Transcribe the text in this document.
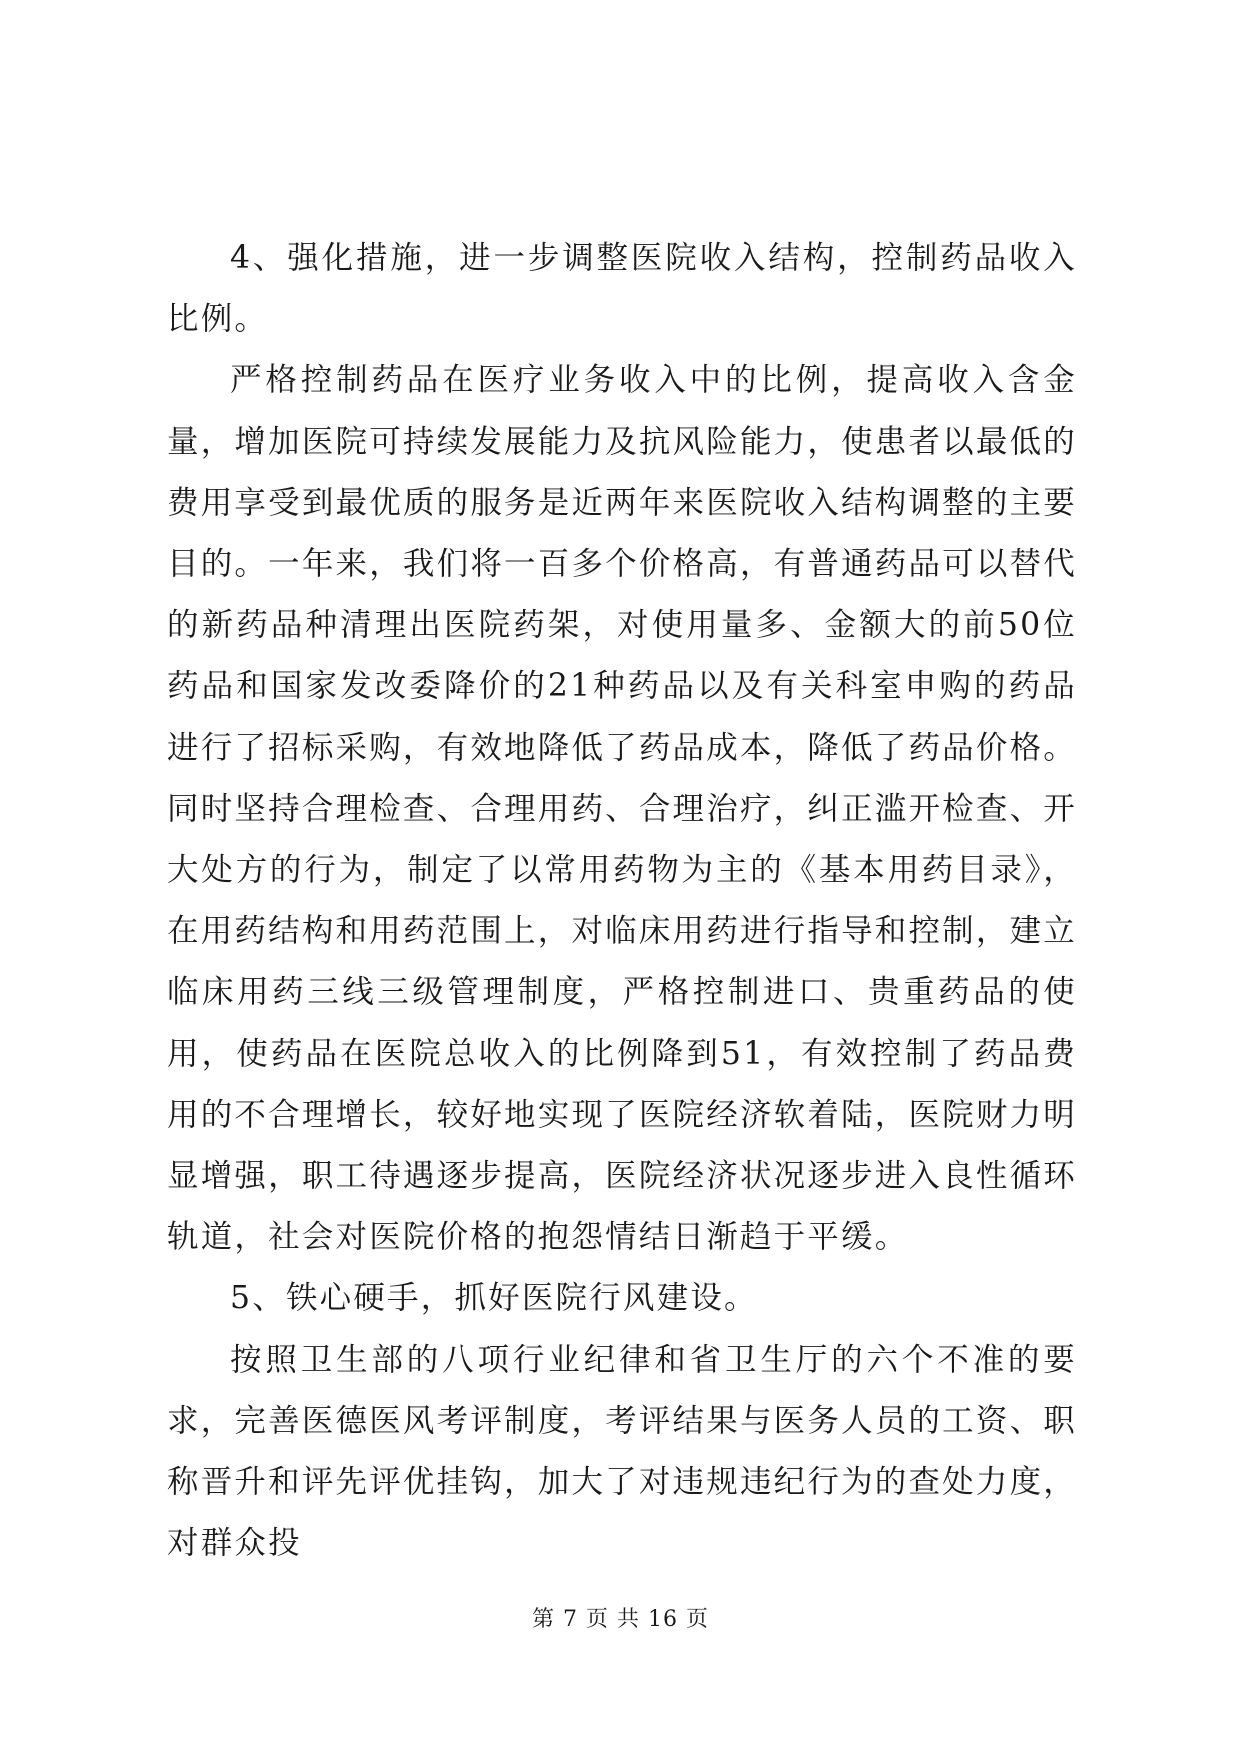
4、强化措施，进一步调整医院收入结构，控制药品收入比例。

严格控制药品在医疗业务收入中的比例，提高收入含金量，增加医院可持续发展能力及抗风险能力，使患者以最低的费用享受到最优质的服务是近两年来医院收入结构调整的主要目的。一年来，我们将一百多个价格高，有普通药品可以替代的新药品种清理出医院药架，对使用量多、金额大的前50位药品和国家发改委降价的21种药品以及有关科室申购的药品进行了招标采购，有效地降低了药品成本，降低了药品价格。同时坚持合理检查、合理用药、合理治疗，纠正滥开检查、开大处方的行为，制定了以常用药物为主的《基本用药目录》，在用药结构和用药范围上，对临床用药进行指导和控制，建立临床用药三线三级管理制度，严格控制进口、贵重药品的使用，使药品在医院总收入的比例降到51，有效控制了药品费用的不合理增长，较好地实现了医院经济软着陆，医院财力明显增强，职工待遇逐步提高，医院经济状况逐步进入良性循环轨道，社会对医院价格的抱怨情结日渐趋于平缓。

5、铁心硬手，抓好医院行风建设。

按照卫生部的八项行业纪律和省卫生厅的六个不准的要求，完善医德医风考评制度，考评结果与医务人员的工资、职称晋升和评先评优挂钩，加大了对违规违纪行为的查处力度，对群众投

第 7 页 共 16 页
